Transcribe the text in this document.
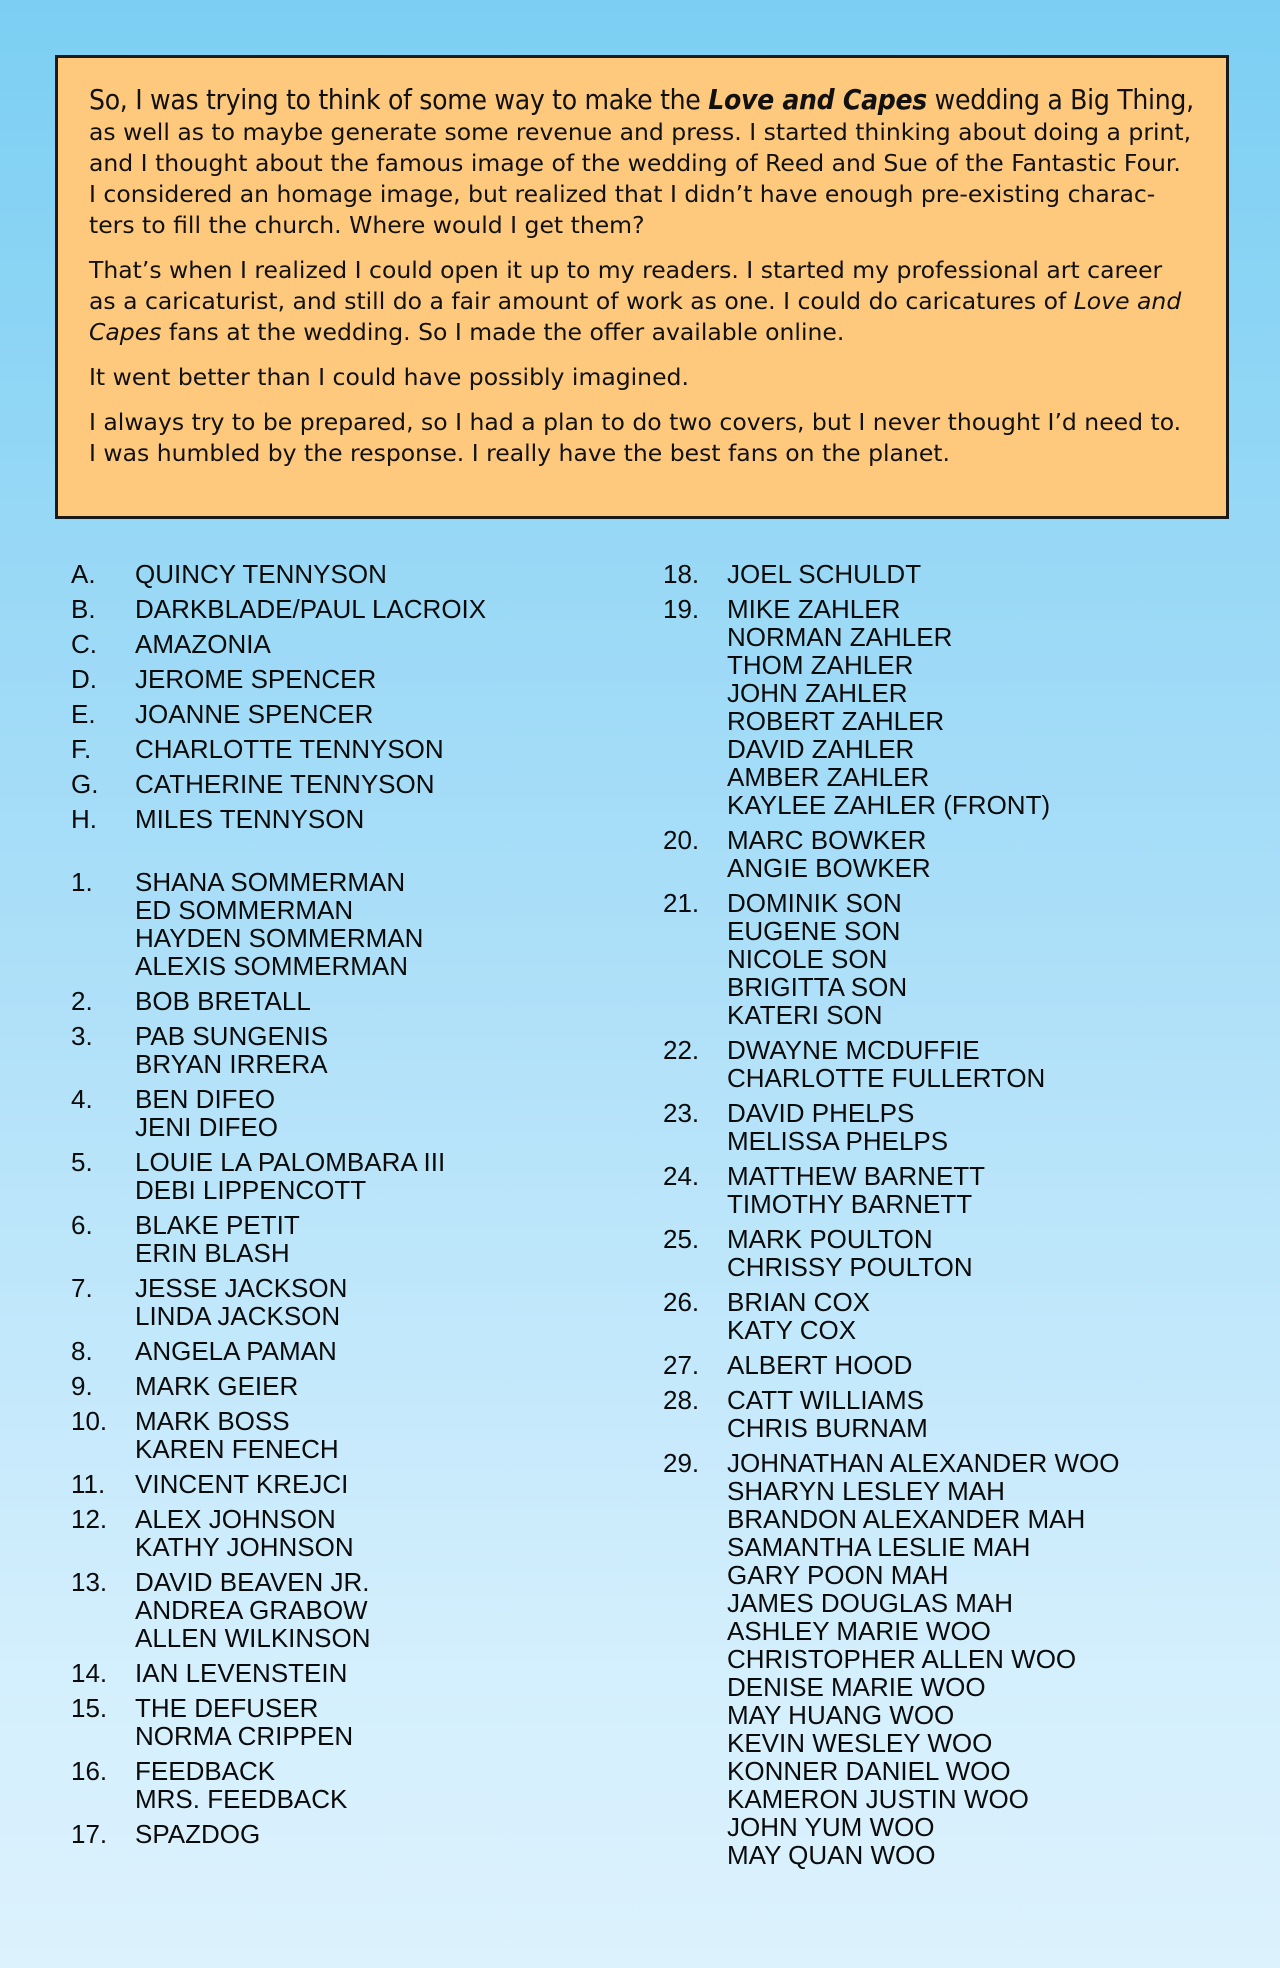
So, I was trying to think of some way to make the Love and Capes wedding a Big Thing,
as well as to maybe generate some revenue and press. I started thinking about doing a print, and I thought about the famous image of the wedding of Reed and Sue of the Fantastic Four. I considered an homage image, but realized that I didn’t have enough pre-existing charac-ters to fill the church. Where would I get them?

That’s when I realized I could open it up to my readers. I started my professional art career as a caricaturist, and still do a fair amount of work as one. I could do caricatures of Love and Capes fans at the wedding. So I made the offer available online.

It went better than I could have possibly imagined.

I always try to be prepared, so I had a plan to do two covers, but I never thought I’d need to. I was humbled by the response. I really have the best fans on the planet.

A.	QUINCY TENNYSON
B.	DARKBLADE/PAUL LACROIX
C.	AMAZONIA
D.	JEROME SPENCER
E.	JOANNE SPENCER
F.	CHARLOTTE TENNYSON
G.	CATHERINE TENNYSON
H.	MILES TENNYSON
1.	SHANA SOMMERMAN
ED SOMMERMAN
HAYDEN SOMMERMAN
ALEXIS SOMMERMAN
2.	BOB BRETALL
3.	PAB SUNGENIS
BRYAN IRRERA
4.	BEN DIFEO
JENI DIFEO
5.	LOUIE LA PALOMBARA III
DEBI LIPPENCOTT
6.	BLAKE PETIT
ERIN BLASH
7.	JESSE JACKSON
LINDA JACKSON
8.	ANGELA PAMAN
9.	MARK GEIER
10.	MARK BOSS
KAREN FENECH
11.	VINCENT KREJCI
12.	ALEX JOHNSON
KATHY JOHNSON
13.	DAVID BEAVEN JR.
ANDREA GRABOW
ALLEN WILKINSON
14.	IAN LEVENSTEIN
15.	THE DEFUSER
NORMA CRIPPEN
16.	FEEDBACK
MRS. FEEDBACK
17.	SPAZDOG
18.	JOEL SCHULDT
19.	MIKE ZAHLER
NORMAN ZAHLER
THOM ZAHLER
JOHN ZAHLER
ROBERT ZAHLER
DAVID ZAHLER
AMBER ZAHLER
KAYLEE ZAHLER (FRONT)
20.	MARC BOWKER
ANGIE BOWKER
21.	DOMINIK SON
EUGENE SON
NICOLE SON
BRIGITTA SON
KATERI SON
22.	DWAYNE MCDUFFIE
CHARLOTTE FULLERTON
23.	DAVID PHELPS
MELISSA PHELPS
24.	MATTHEW BARNETT
TIMOTHY BARNETT
25.	MARK POULTON
CHRISSY POULTON
26.	BRIAN COX
KATY COX
27.	ALBERT HOOD
28.	CATT WILLIAMS
CHRIS BURNAM
29.	JOHNATHAN ALEXANDER WOO
SHARYN LESLEY MAH
BRANDON ALEXANDER MAH
SAMANTHA LESLIE MAH
GARY POON MAH
JAMES DOUGLAS MAH
ASHLEY MARIE WOO
CHRISTOPHER ALLEN WOO
DENISE MARIE WOO
MAY HUANG WOO
KEVIN WESLEY WOO
KONNER DANIEL WOO
KAMERON JUSTIN WOO
JOHN YUM WOO
MAY QUAN WOO
